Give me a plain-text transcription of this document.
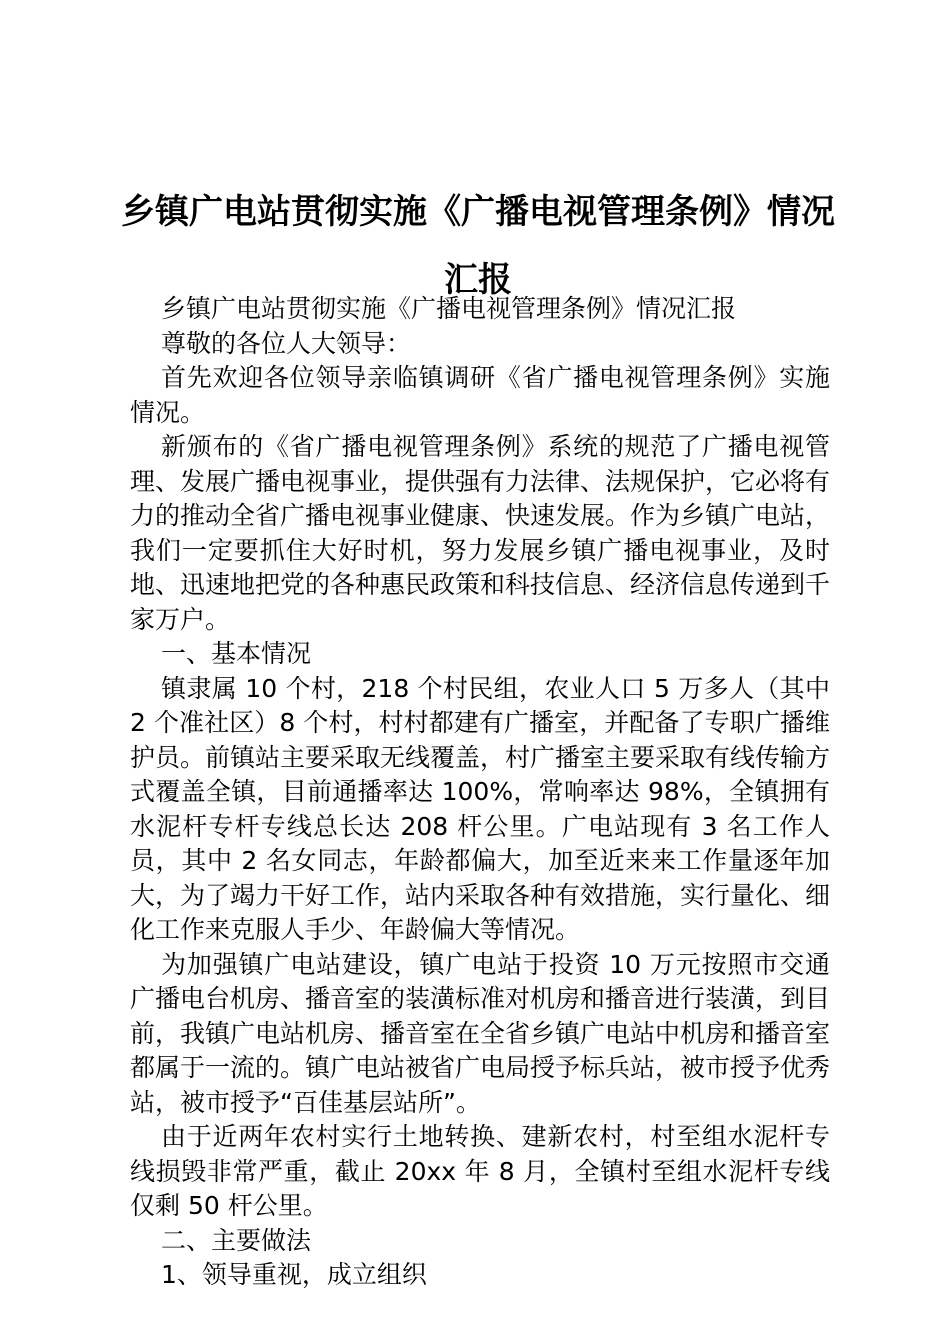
乡镇广电站贯彻实施《广播电视管理条例》情况汇报

乡镇广电站贯彻实施《广播电视管理条例》情况汇报

尊敬的各位人大领导：

首先欢迎各位领导亲临镇调研《省广播电视管理条例》实施情况。

新颁布的《省广播电视管理条例》系统的规范了广播电视管理、发展广播电视事业，提供强有力法律、法规保护，它必将有力的推动全省广播电视事业健康、快速发展。作为乡镇广电站，我们一定要抓住大好时机，努力发展乡镇广播电视事业，及时地、迅速地把党的各种惠民政策和科技信息、经济信息传递到千家万户。

一、基本情况

镇隶属 10 个村，218 个村民组，农业人口 5 万多人（其中 2 个准社区）8 个村，村村都建有广播室，并配备了专职广播维护员。前镇站主要采取无线覆盖，村广播室主要采取有线传输方式覆盖全镇，目前通播率达 100%，常响率达 98%，全镇拥有水泥杆专杆专线总长达 208 杆公里。广电站现有 3 名工作人员，其中 2 名女同志，年龄都偏大，加至近来来工作量逐年加大，为了竭力干好工作，站内采取各种有效措施，实行量化、细化工作来克服人手少、年龄偏大等情况。

为加强镇广电站建设，镇广电站于投资 10 万元按照市交通广播电台机房、播音室的装潢标准对机房和播音进行装潢，到目前，我镇广电站机房、播音室在全省乡镇广电站中机房和播音室都属于一流的。镇广电站被省广电局授予标兵站，被市授予优秀站，被市授予“百佳基层站所”。

由于近两年农村实行土地转换、建新农村，村至组水泥杆专线损毁非常严重，截止 20xx 年 8 月，全镇村至组水泥杆专线仅剩 50 杆公里。

二、主要做法

1、领导重视，成立组织
